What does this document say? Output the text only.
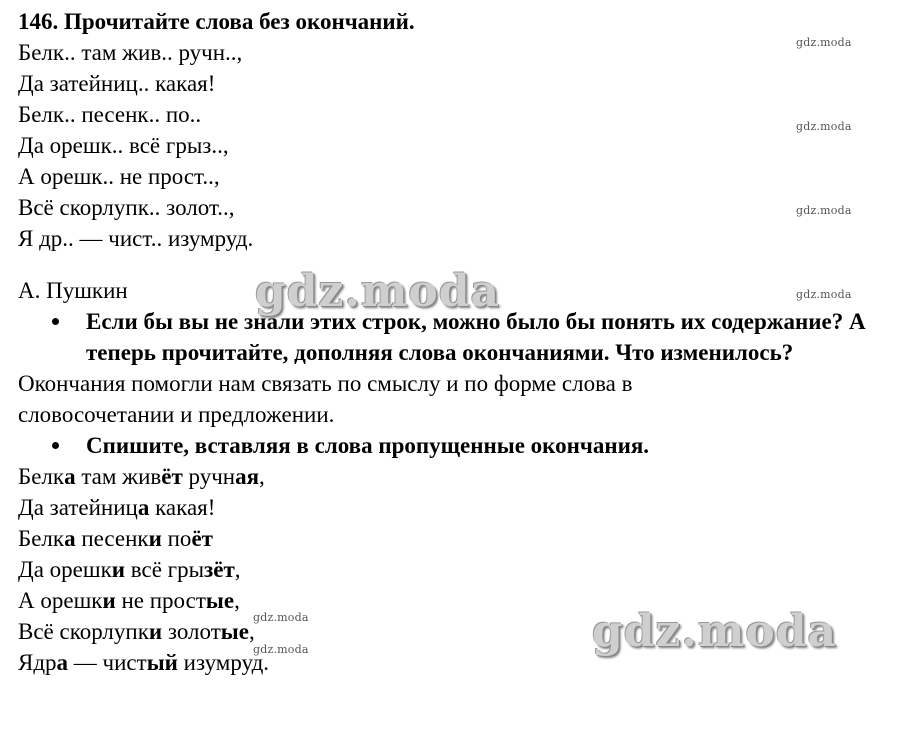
146. Прочитайте слова без окончаний.
Белк.. там жив.. ручн..,
Да затейниц.. какая!
Белк.. песенк.. по..
Да орешк.. всё грыз..,
А орешк.. не прост..,
Всё скорлупк.. золот..,
Я др.. — чист.. изумруд.
А. Пушкин
Если бы вы не знали этих строк, можно было бы понять их содержание? А теперь прочитайте, дополняя слова окончаниями. Что изменилось?
Окончания помогли нам связать по смыслу и по форме слова в словосочетании и предложении.
Спишите, вставляя в слова пропущенные окончания.
Белка там живёт ручная,
Да затейница какая!
Белка песенки поёт
Да орешки всё грызёт,
А орешки не простые,
Всё скорлупки золотые,
Ядра — чистый изумруд.
gdz.moda
gdz.moda
gdz.moda
gdz.moda
gdz.moda
gdz.moda
gdz.moda
gdz.moda
